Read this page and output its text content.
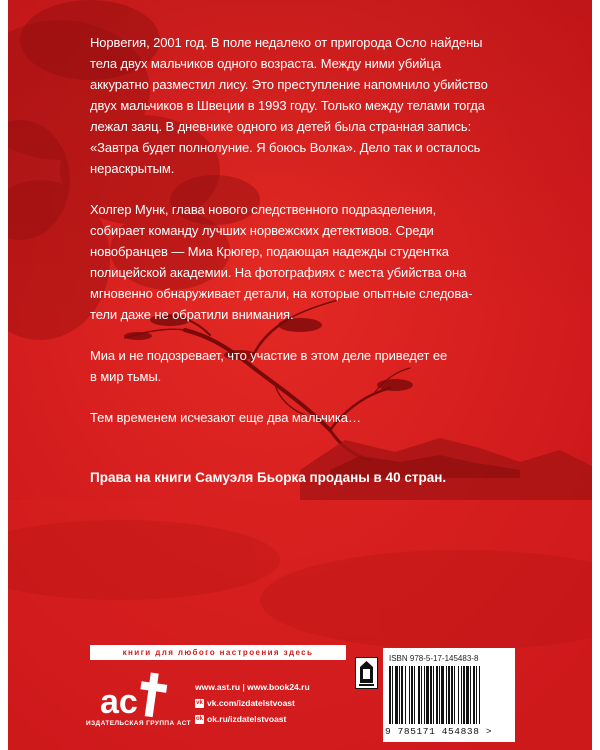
Норвегия, 2001 год. В поле недалеко от пригорода Осло найдены
тела двух мальчиков одного возраста. Между ними убийца
аккуратно разместил лису. Это преступление напомнило убийство
двух мальчиков в Швеции в 1993 году. Только между телами тогда
лежал заяц. В дневнике одного из детей была странная запись:
«Завтра будет полнолуние. Я боюсь Волка». Дело так и осталось
нераскрытым.

Холгер Мунк, глава нового следственного подразделения,
собирает команду лучших норвежских детективов. Среди
новобранцев — Миа Крюгер, подающая надежды студентка
полицейской академии. На фотографиях с места убийства она
мгновенно обнаруживает детали, на которые опытные следова-
тели даже не обратили внимания.

Миа и не подозревает, что участие в этом деле приведет ее
в мир тьмы.

Тем временем исчезают еще два мальчика…

Права на книги Самуэля Бьорка проданы в 40 стран.
книги для любого настроения здесь
ac
ИЗДАТЕЛЬСКАЯ ГРУППА АСТ
www.ast.ru | www.book24.ru
vk vk.com/izdatelstvoast
ok ok.ru/izdatelstvoast
ISBN 978-5-17-145483-8
9 785171 454838 >
